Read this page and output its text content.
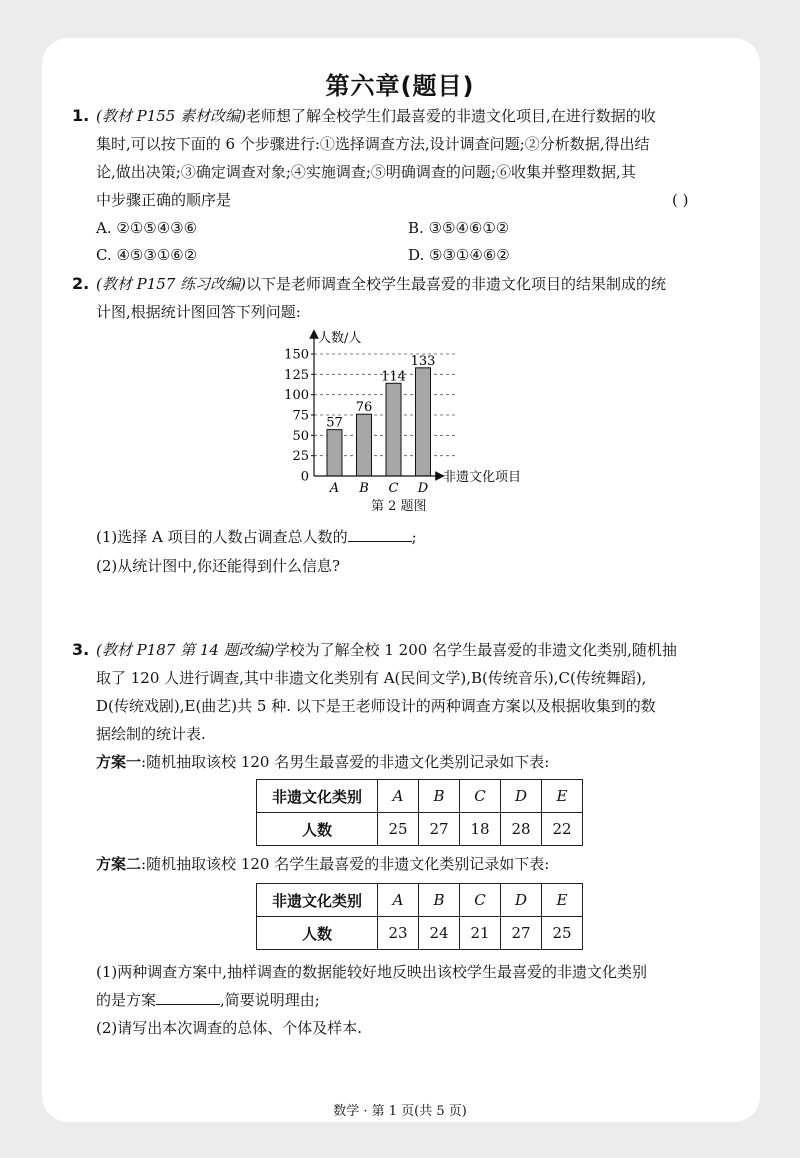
第六章(题目)
1. (教材 P155 素材改编)老师想了解全校学生们最喜爱的非遗文化项目,在进行数据的收
集时,可以按下面的 6 个步骤进行:①选择调查方法,设计调查问题;②分析数据,得出结
论,做出决策;③确定调查对象;④实施调查;⑤明确调查的问题;⑥收集并整理数据,其
中步骤正确的顺序是	( )
A. ②①⑤④③⑥	B. ③⑤④⑥①②
C. ④⑤③①⑥②	D. ⑤③①④⑥②
2. (教材 P157 练习改编)以下是老师调查全校学生最喜爱的非遗文化项目的结果制成的统
计图,根据统计图回答下列问题:
人数/人
非遗文化项目
0
25
50
75
100
125
150
57
A
76
B
114
C
133
D
第 2 题图
(1)选择 A 项目的人数占调查总人数的	;
(2)从统计图中,你还能得到什么信息?
3. (教材 P187 第 14 题改编)学校为了解全校 1 200 名学生最喜爱的非遗文化类别,随机抽
取了 120 人进行调查,其中非遗文化类别有 A(民间文学),B(传统音乐),C(传统舞蹈),
D(传统戏剧),E(曲艺)共 5 种. 以下是王老师设计的两种调查方案以及根据收集到的数
据绘制的统计表.
方案一:随机抽取该校 120 名男生最喜爱的非遗文化类别记录如下表:
非遗文化类别	A	B	C	D	E
人数	25	27	18	28	22
方案二:随机抽取该校 120 名学生最喜爱的非遗文化类别记录如下表:
非遗文化类别	A	B	C	D	E
人数	23	24	21	27	25
(1)两种调查方案中,抽样调查的数据能较好地反映出该校学生最喜爱的非遗文化类别
的是方案	,简要说明理由;
(2)请写出本次调查的总体、个体及样本.
数学 · 第 1 页(共 5 页)
